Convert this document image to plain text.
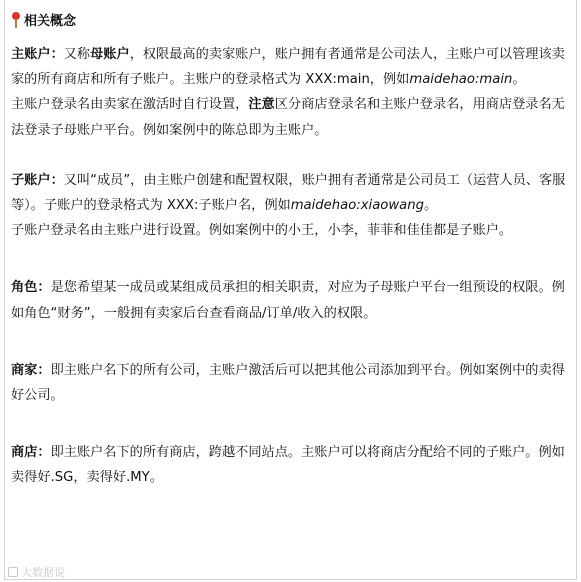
相关概念

主账户：又称母账户，权限最高的卖家账户，账户拥有者通常是公司法人，主账户可以管理该卖家的所有商店和所有子账户。主账户的登录格式为 XXX:main，例如maidehao:main。

主账户登录名由卖家在激活时自行设置，注意区分商店登录名和主账户登录名，用商店登录名无法登录子母账户平台。例如案例中的陈总即为主账户。

子账户：又叫“成员”，由主账户创建和配置权限，账户拥有者通常是公司员工（运营人员、客服等）。子账户的登录格式为 XXX:子账户名，例如maidehao:xiaowang。

子账户登录名由主账户进行设置。例如案例中的小王，小李，菲菲和佳佳都是子账户。

角色：是您希望某一成员或某组成员承担的相关职责，对应为子母账户平台一组预设的权限。例如角色“财务”，一般拥有卖家后台查看商品/订单/收入的权限。

商家：即主账户名下的所有公司，主账户激活后可以把其他公司添加到平台。例如案例中的卖得好公司。

商店：即主账户名下的所有商店，跨越不同站点。主账户可以将商店分配给不同的子账户。例如卖得好.SG，卖得好.MY。

大数据说
